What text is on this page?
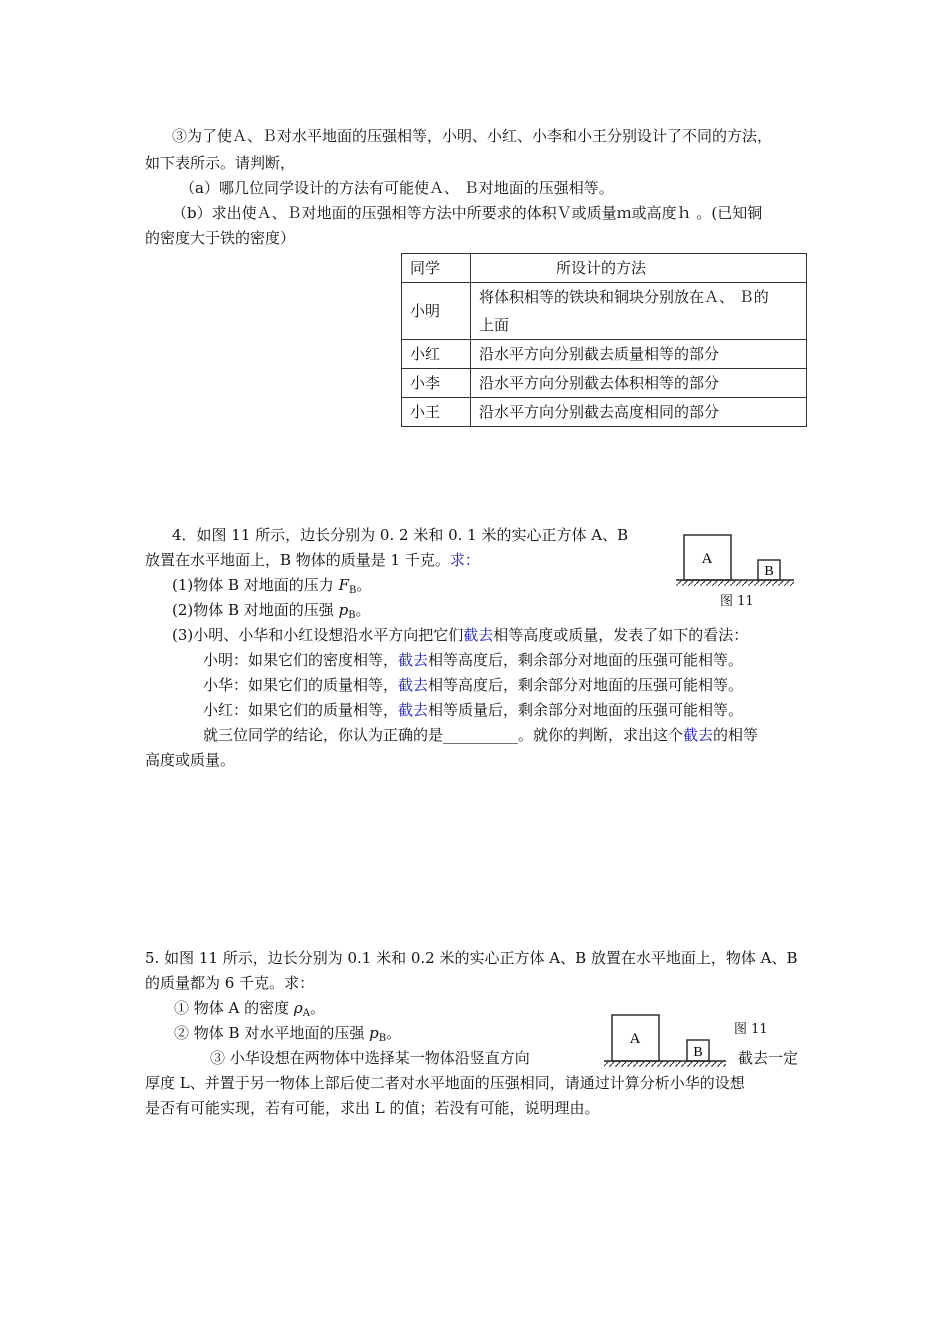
③为了使Ａ、Ｂ对水平地面的压强相等，小明、小红、小李和小王分别设计了不同的方法，
如下表所示。请判断，
（a）哪几位同学设计的方法有可能使Ａ、 Ｂ对地面的压强相等。
（b）求出使Ａ、Ｂ对地面的压强相等方法中所要求的体积Ｖ或质量ｍ或高度ｈ 。(已知铜
的密度大于铁的密度）
同学	所设计的方法
小明	将体积相等的铁块和铜块分别放在Ａ、 Ｂ的
上面

小红	沿水平方向分别截去质量相等的部分
小李	沿水平方向分别截去体积相等的部分
小王	沿水平方向分别截去高度相同的部分
4．如图 11 所示，边长分别为 0. 2 米和 0. 1 米的实心正方体 A、B
放置在水平地面上，B 物体的质量是 1 千克。求：
(1)物体 B 对地面的压力 $F_B$。
(2)物体 B 对地面的压强 $p_B$。
(3)小明、小华和小红设想沿水平方向把它们截去相等高度或质量，发表了如下的看法：
小明：如果它们的密度相等，截去相等高度后，剩余部分对地面的压强可能相等。
小华：如果它们的质量相等，截去相等高度后，剩余部分对地面的压强可能相等。
小红：如果它们的质量相等，截去相等质量后，剩余部分对地面的压强可能相等。
就三位同学的结论，你认为正确的是__________。就你的判断，求出这个截去的相等
高度或质量。
A
B
图 11
5. 如图 11 所示，边长分别为 0.1 米和 0.2 米的实心正方体 A、B 放置在水平地面上，物体 A、B
的质量都为 6 千克。求：
① 物体 A 的密度 $\rho_A$。
② 物体 B 对水平地面的压强 $p_B$。
③ 小华设想在两物体中选择某一物体沿竖直方向	截去一定
厚度 L、并置于另一物体上部后使二者对水平地面的压强相同，请通过计算分析小华的设想
是否有可能实现，若有可能，求出 L 的值；若没有可能，说明理由。
A
B
图 11
